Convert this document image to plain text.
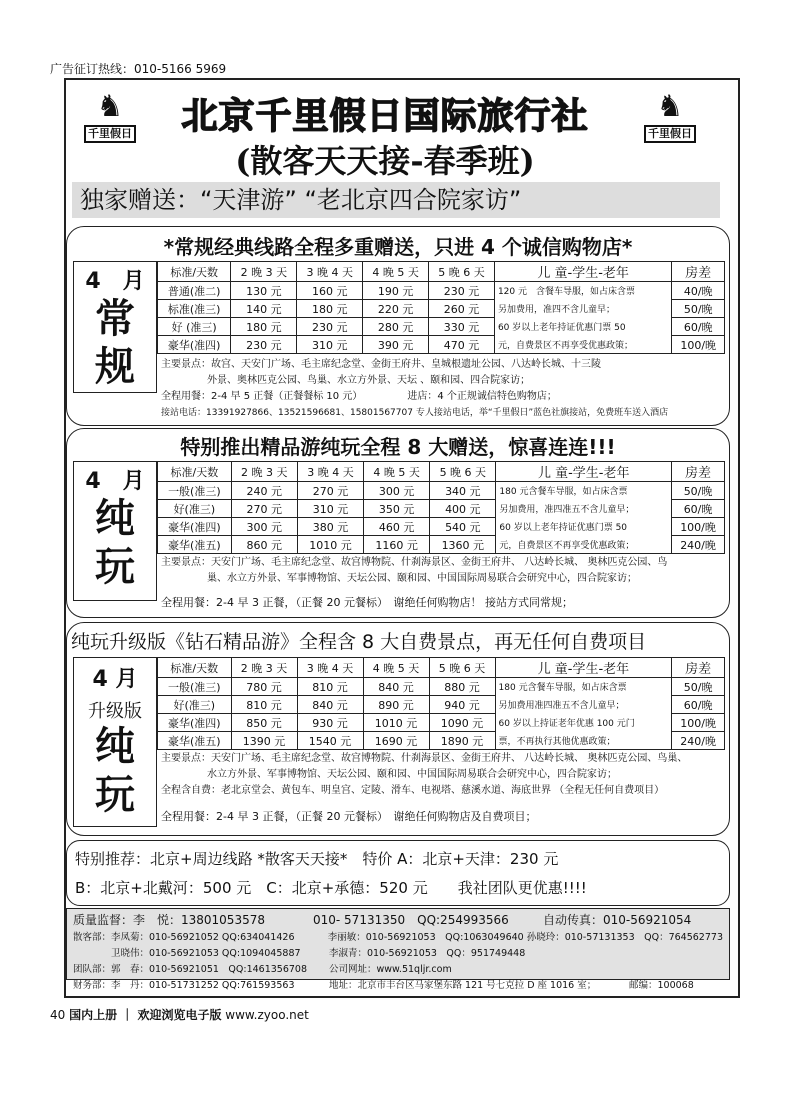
广告征订热线：010-5166 5969
♞
千里假日
♞
千里假日
北京千里假日国际旅行社
(散客天天接-春季班)
独家赠送：“天津游” “老北京四合院家访”
*常规经典线路全程多重赠送，只进 4 个诚信购物店*
4　月
常
规
标准/天数	2 晚 3 天	3 晚 4 天	4 晚 5 天	5 晚 6 天	儿 童-学生-老年	房差
普通(准二)	130 元	160 元	190 元	230 元	120 元　含餐车导服，如占床含票	40/晚
标准(准三)	140 元	180 元	220 元	260 元	另加费用，准四不含儿童早；	50/晚
好 (准三)	180 元	230 元	280 元	330 元	60 岁以上老年持证优惠门票 50	60/晚
豪华(准四)	230 元	310 元	390 元	470 元	元，自费景区不再享受优惠政策；	100/晚
主要景点：故宫、天安门广场、毛主席纪念堂、金街王府井、皇城根遗址公园、八达岭长城、十三陵
外景、奥林匹克公园、鸟巢、水立方外景、天坛 、颐和园、四合院家访；
全程用餐：2-4 早 5 正餐（正餐餐标 10 元）　　　　　	进店：4 个正规诚信特色购物店；
接站电话：13391927866、13521596681、15801567707 专人接站电话，举“千里假日”蓝色社旗接站，免费班车送入酒店
特别推出精品游纯玩全程 8 大赠送，惊喜连连!!!
4　月
纯
玩
标准/天数	2 晚 3 天	3 晚 4 天	4 晚 5 天	5 晚 6 天	儿 童-学生-老年	房差
一般(准三)	240 元	270 元	300 元	340 元	180 元含餐车导服，如占床含票	50/晚
好(准三)	270 元	310 元	350 元	400 元	另加费用，准四准五不含儿童早；	60/晚
豪华(准四)	300 元	380 元	460 元	540 元	60 岁以上老年持证优惠门票 50	100/晚
豪华(准五)	860 元	1010 元	1160 元	1360 元	元，自费景区不再享受优惠政策；	240/晚
主要景点：天安门广场、毛主席纪念堂、故宫博物院、什刹海景区、金街王府井、 八达岭长城、 奥林匹克公园、鸟
巢、水立方外景、军事博物馆、天坛公园、颐和园、中国国际周易联合会研究中心，四合院家访；
全程用餐：2-4 早 3 正餐，（正餐 20 元餐标）　谢绝任何购物店！ 接站方式同常规；
纯玩升级版《钻石精品游》全程含 8 大自费景点，再无任何自费项目
4 月
升级版
纯
玩
标准/天数	2 晚 3 天	3 晚 4 天	4 晚 5 天	5 晚 6 天	儿 童-学生-老年	房差
一般(准三)	780 元	810 元	840 元	880 元	180 元含餐车导服，如占床含票	50/晚
好(准三)	810 元	840 元	890 元	940 元	另加费用准四准五不含儿童早；	60/晚
豪华(准四)	850 元	930 元	1010 元	1090 元	60 岁以上持证老年优惠 100 元门	100/晚
豪华(准五)	1390 元	1540 元	1690 元	1890 元	票，不再执行其他优惠政策；	240/晚
主要景点：天安门广场、毛主席纪念堂、故宫博物院、什刹海景区、金街王府井、 八达岭长城、 奥林匹克公园、鸟巢、
水立方外景、军事博物馆、天坛公园、颐和园、中国国际周易联合会研究中心，四合院家访；
全程含自费：老北京堂会、黄包车、明皇宫、定陵、滑车、电视塔、慈溪水道、海底世界 （全程无任何自费项目）
全程用餐：2-4 早 3 正餐，（正餐 20 元餐标）　谢绝任何购物店及自费项目；
特别推荐：北京+周边线路 *散客天天接*　特价 A：北京+天津：230 元
B：北京+北戴河：500 元　C：北京+承德：520 元　　我社团队更优惠!!!!
质量监督：李　悦：13801053578	010- 57131350　QQ:254993566	自动传真：010-56921054
散客部：李凤菊：010-56921052 QQ:634041426	李丽敏：010-56921053　QQ:1063049640 孙晓玲：010-57131353　QQ：764562773
卫晓伟：010-56921053 QQ:1094045887	李淑青：010-56921053　QQ：951749448
团队部：郭　春：010-56921051　QQ:1461356708	公司网址：www.51qljr.com
财务部：李　丹：010-51731252 QQ:761593563	地址：北京市丰台区马家堡东路 121 号七克拉 D 座 1016 室；	邮编：100068
40 国内上册 ｜ 欢迎浏览电子版 www.zyoo.net
